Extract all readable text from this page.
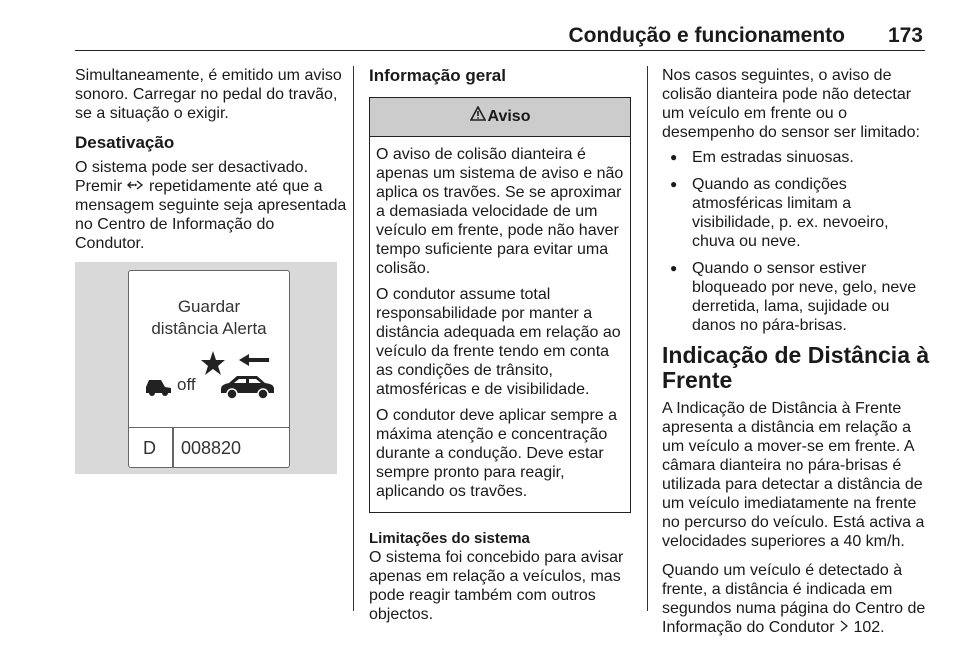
Condução e funcionamento 173

Simultaneamente, é emitido um aviso sonoro. Carregar no pedal do travão, se a situação o exigir.

Desativação

O sistema pode ser desactivado. Premir repetidamente até que a mensagem seguinte seja apresentada no Centro de Informação do Condutor.

Guardar
distância Alerta
off
D 008820

Informação geral

Aviso

O aviso de colisão dianteira é apenas um sistema de aviso e não aplica os travões. Se se aproximar a demasiada velocidade de um veículo em frente, pode não haver tempo suficiente para evitar uma colisão.

O condutor assume total responsabilidade por manter a distância adequada em relação ao veículo da frente tendo em conta as condições de trânsito, atmosféricas e de visibilidade.

O condutor deve aplicar sempre a máxima atenção e concentração durante a condução. Deve estar sempre pronto para reagir, aplicando os travões.

Limitações do sistema

O sistema foi concebido para avisar apenas em relação a veículos, mas pode reagir também com outros objectos.

Nos casos seguintes, o aviso de colisão dianteira pode não detectar um veículo em frente ou o desempenho do sensor ser limitado:

● Em estradas sinuosas.
● Quando as condições atmosféricas limitam a visibilidade, p. ex. nevoeiro, chuva ou neve.
● Quando o sensor estiver bloqueado por neve, gelo, neve derretida, lama, sujidade ou danos no pára-brisas.

Indicação de Distância à Frente

A Indicação de Distância à Frente apresenta a distância em relação a um veículo a mover-se em frente. A câmara dianteira no pára-brisas é utilizada para detectar a distância de um veículo imediatamente na frente no percurso do veículo. Está activa a velocidades superiores a 40 km/h.

Quando um veículo é detectado à frente, a distância é indicada em segundos numa página do Centro de Informação do Condutor 102.
